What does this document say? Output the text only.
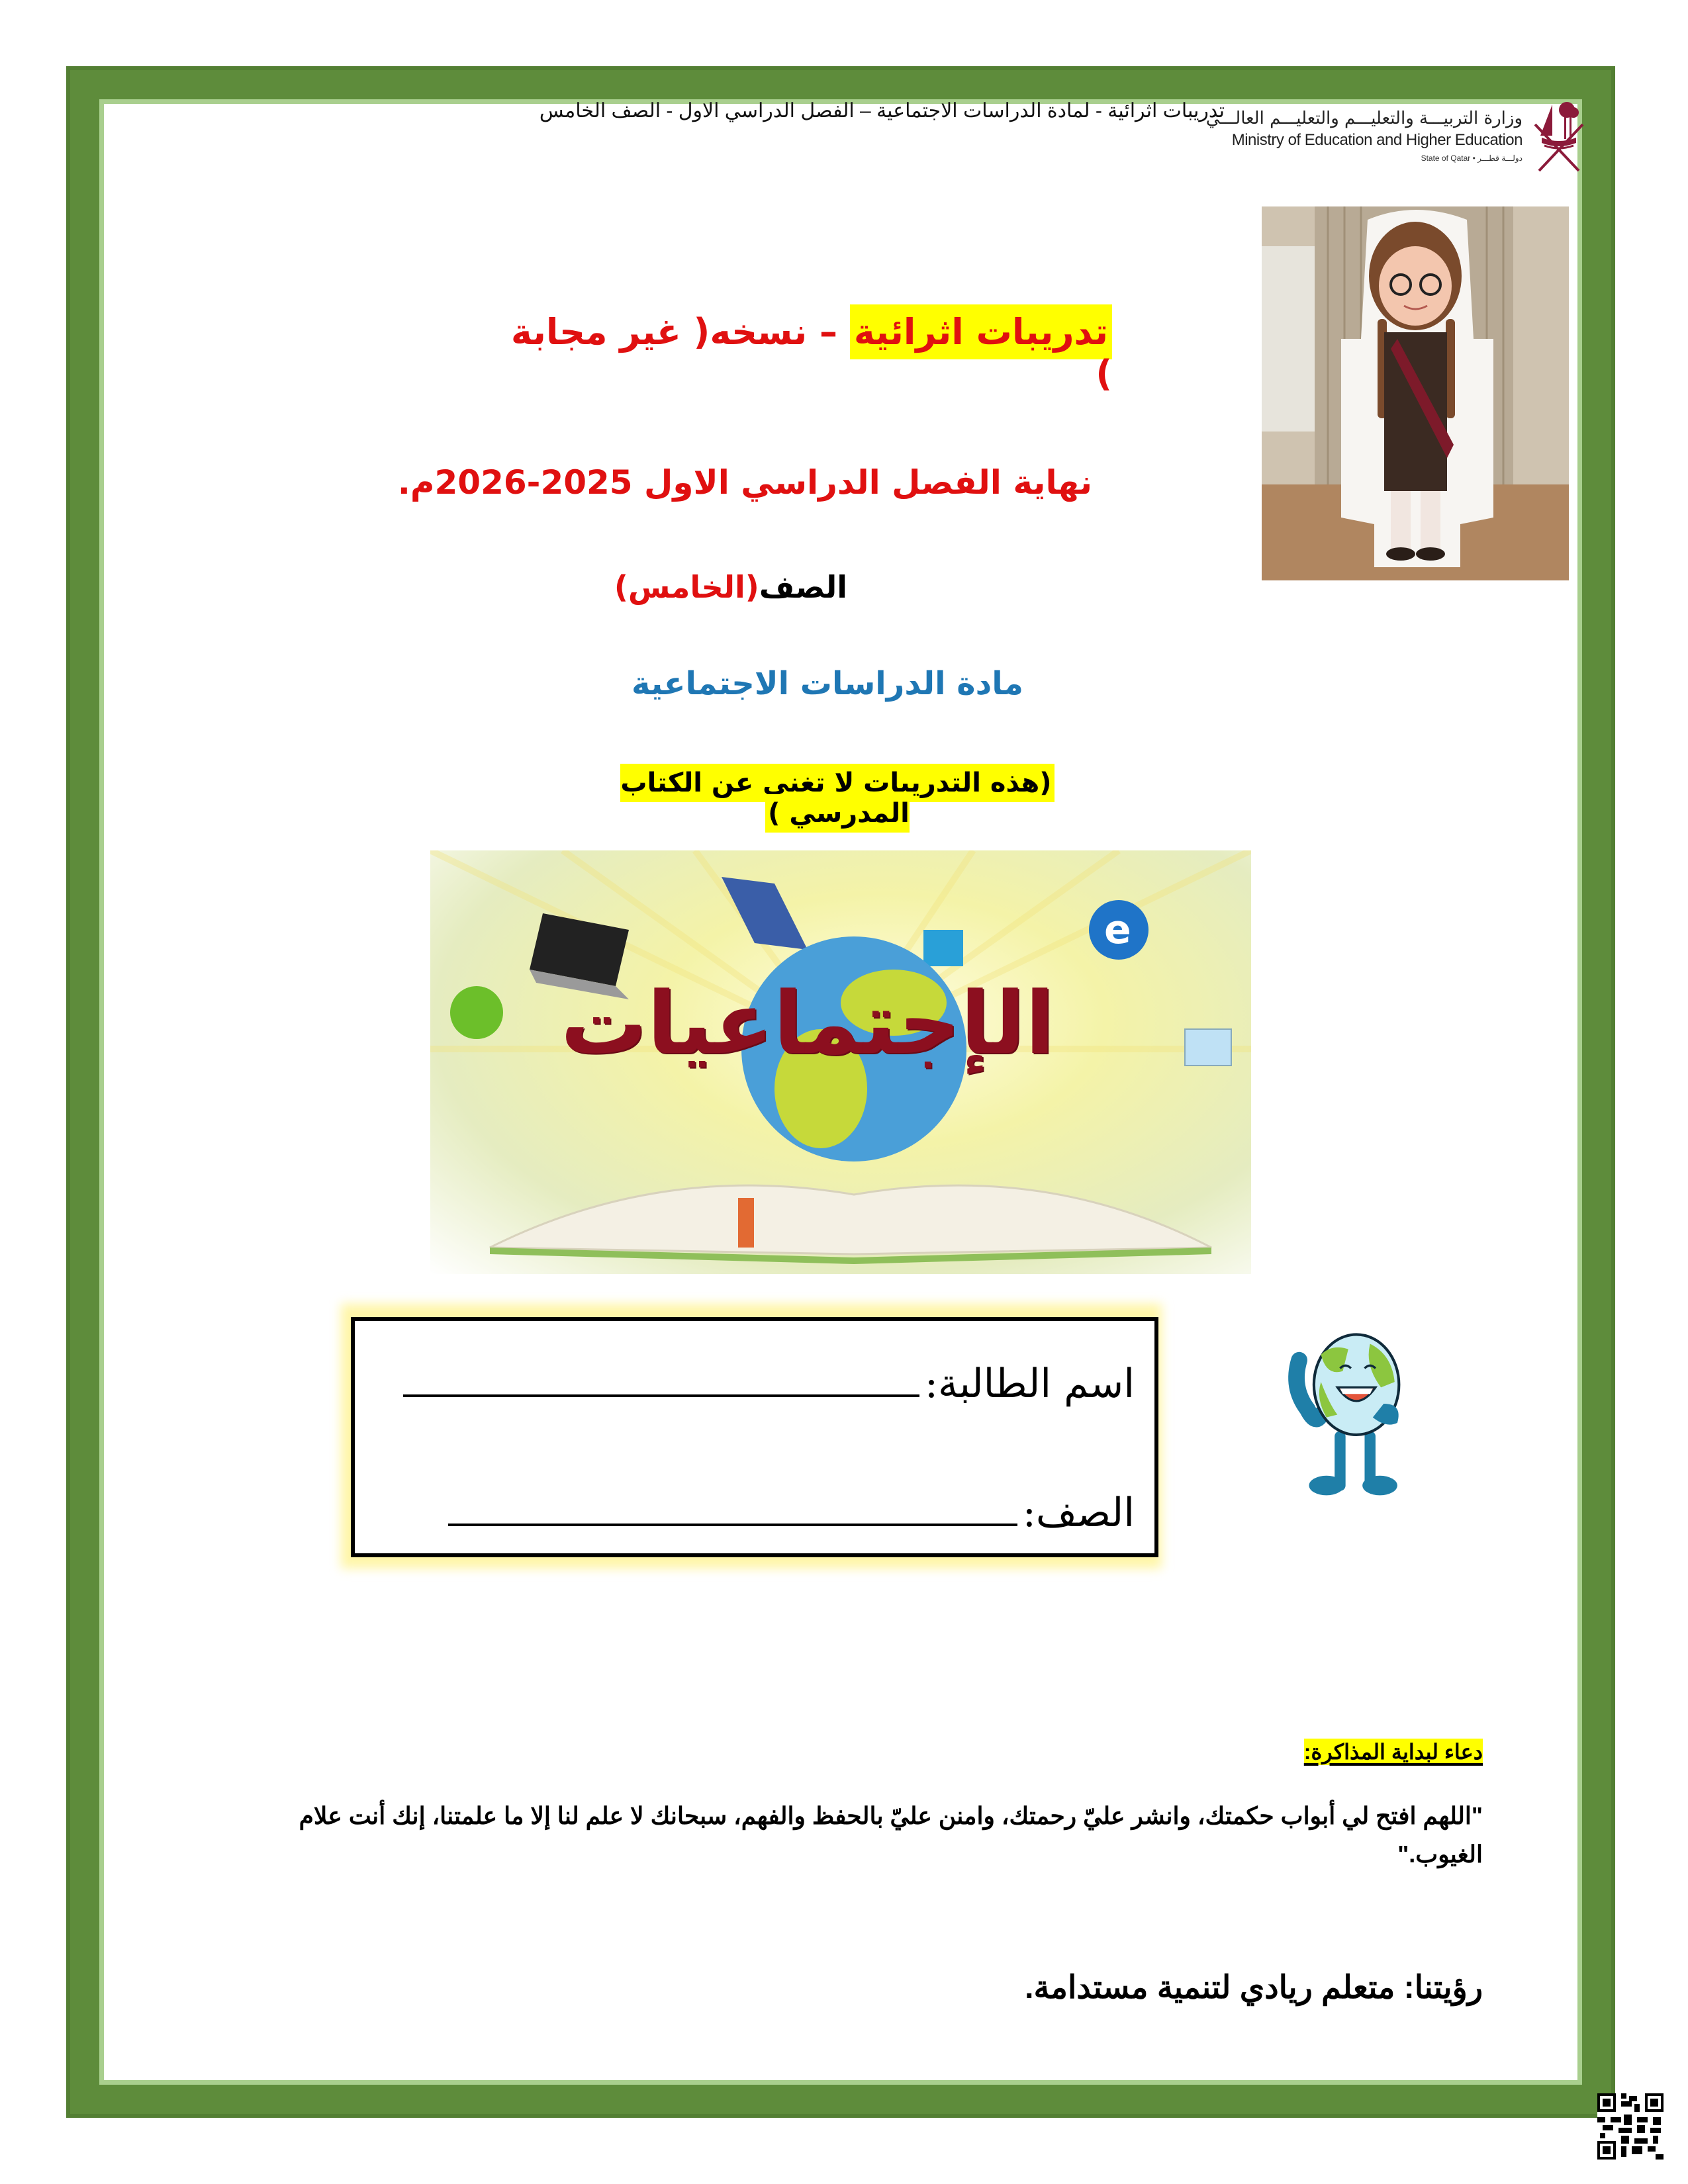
تدريبات اثرائية - لمادة الدراسات الاجتماعية – الفصل الدراسي الاول - الصف الخامس
وزارة التربيـــة والتعليـــم والتعليـــم العالـــي
Ministry of Education and Higher Education
State of Qatar • دولـــة قطـــر
تدريبات اثرائية – نسخه( غير مجابة )
نهاية الفصل الدراسي الاول 2025-2026م.
الصف(الخامس)
مادة الدراسات الاجتماعية
(هذه التدريبات لا تغني عن الكتاب المدرسي )
e
الإجتماعيات
اسم الطالبة:
الصف:
دعاء لبداية المذاكرة:
"اللهم افتح لي أبواب حكمتك، وانشر عليّ رحمتك، وامنن عليّ بالحفظ والفهم، سبحانك لا علم لنا إلا ما علمتنا، إنك أنت علام الغيوب."
رؤيتنا: متعلم ريادي لتنمية مستدامة.
